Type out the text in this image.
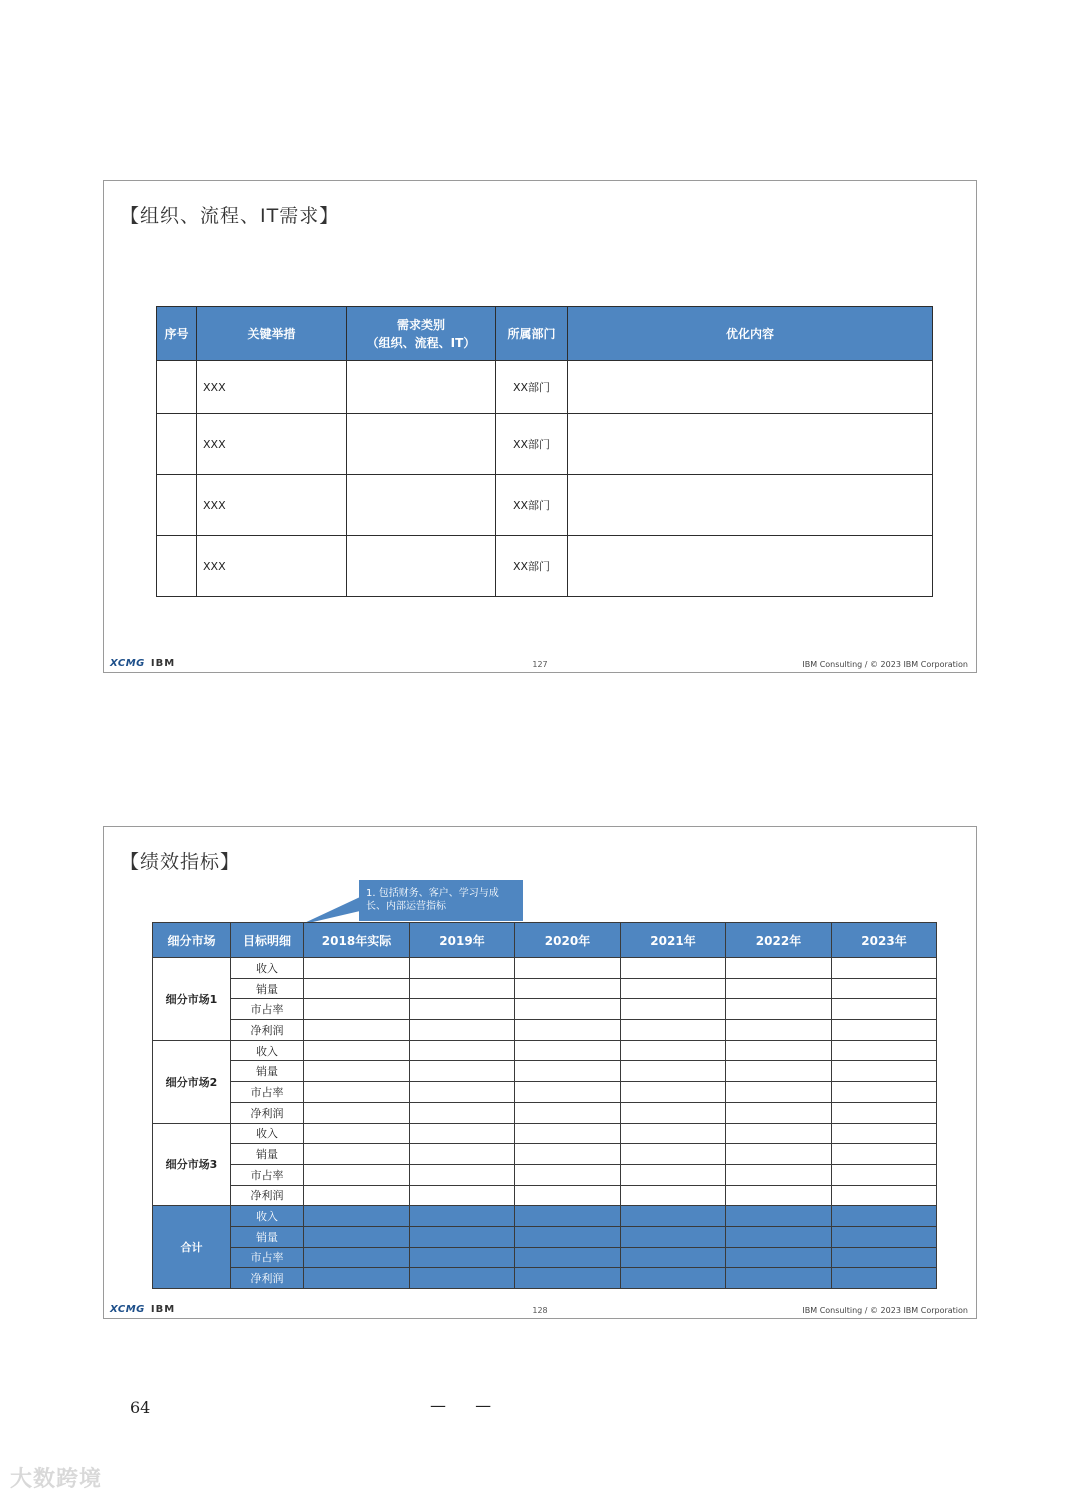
【组织、流程、IT需求】
序号	关键举措	需求类别
（组织、流程、IT）	所属部门	优化内容
	XXX		XX部门	
	XXX		XX部门	
	XXX		XX部门	
	XXX		XX部门	
XCMG IBM	127	IBM Consulting / © 2023 IBM Corporation
【绩效指标】
1. 包括财务、客户、学习与成
长、内部运营指标
细分市场	目标明细	2018年实际	2019年	2020年	2021年	2022年	2023年
细分市场1	收入						
	销量						
	市占率						
	净利润						
细分市场2	收入						
	销量						
	市占率						
	净利润						
细分市场3	收入						
	销量						
	市占率						
	净利润						
合计	收入						
	销量						
	市占率						
	净利润						
XCMG IBM	128	IBM Consulting / © 2023 IBM Corporation
64	— —
大数跨境
